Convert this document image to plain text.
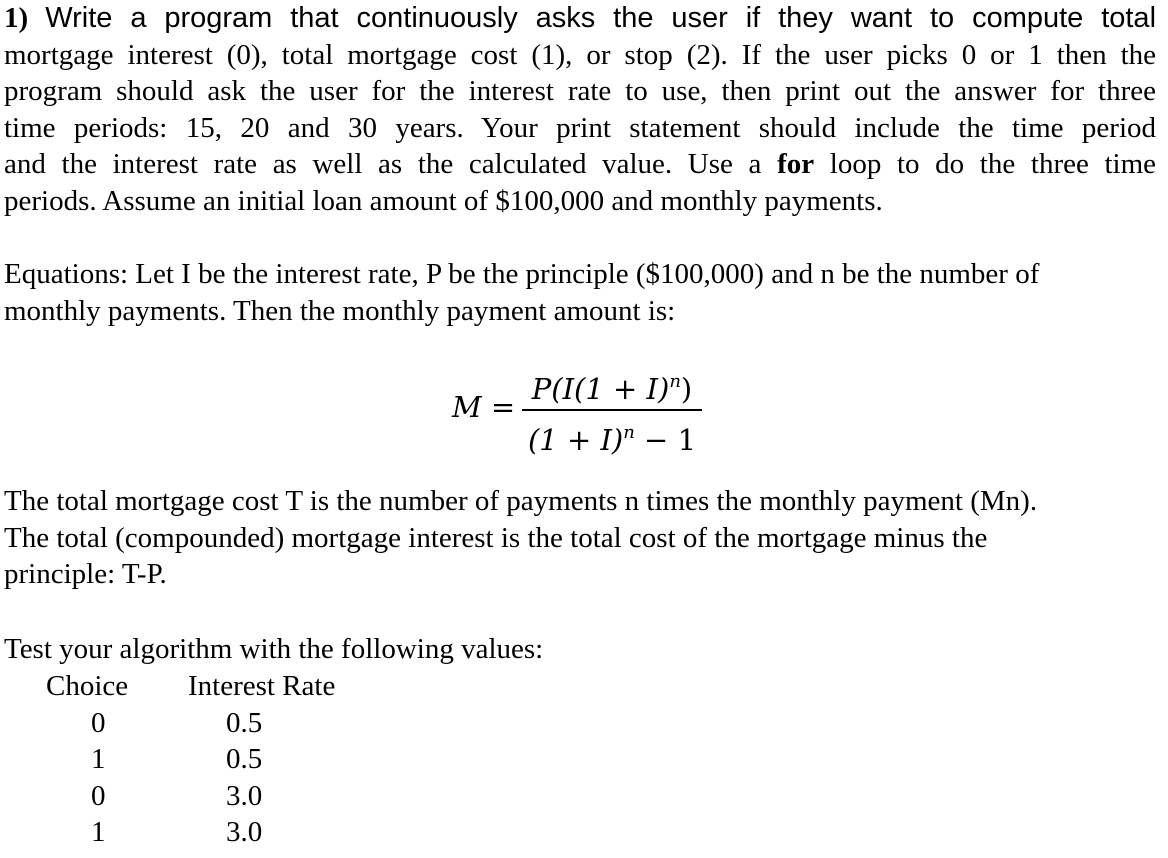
1) Write a program that continuously asks the user if they want to compute total
mortgage interest (0), total mortgage cost (1), or stop (2). If the user picks 0 or 1 then the
program should ask the user for the interest rate to use, then print out the answer for three
time periods: 15, 20 and 30 years. Your print statement should include the time period
and the interest rate as well as the calculated value. Use a for loop to do the three time
periods. Assume an initial loan amount of $100,000 and monthly payments.
Equations: Let I be the interest rate, P be the principle ($100,000) and n be the number of
monthly payments. Then the monthly payment amount is:
M =
$P(I(1 + I)^n)$
$(1 + I)^n - 1$
The total mortgage cost T is the number of payments n times the monthly payment (Mn).
The total (compounded) mortgage interest is the total cost of the mortgage minus the
principle: T-P.
Test your algorithm with the following values:
Choice	Interest Rate
0	0.5
1	0.5
0	3.0
1	3.0
